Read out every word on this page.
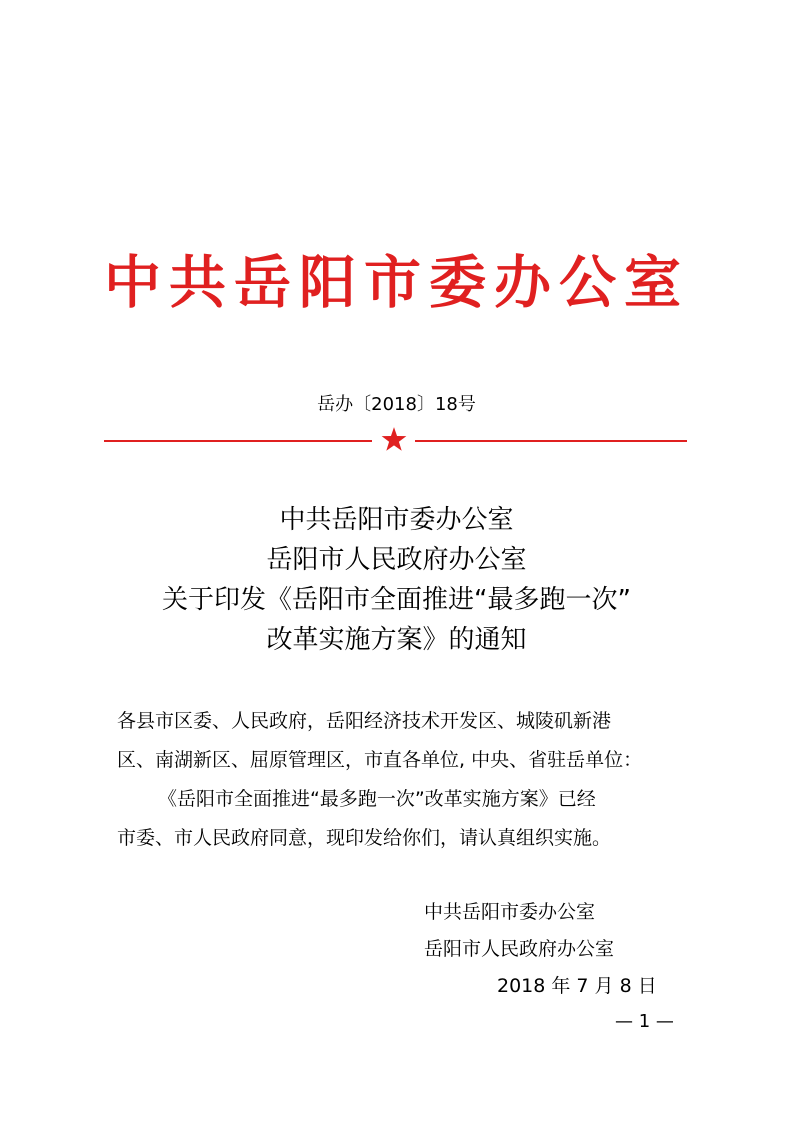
中共岳阳市委办公室
岳办〔2018〕18号
中共岳阳市委办公室
岳阳市人民政府办公室
关于印发《岳阳市全面推进“最多跑一次”
改革实施方案》的通知
各县市区委、人民政府，岳阳经济技术开发区、城陵矶新港
区、南湖新区、屈原管理区，市直各单位, 中央、省驻岳单位：
《岳阳市全面推进“最多跑一次”改革实施方案》已经
市委、市人民政府同意，现印发给你们，请认真组织实施。
中共岳阳市委办公室
岳阳市人民政府办公室
2018 年 7 月 8 日
— 1 —
